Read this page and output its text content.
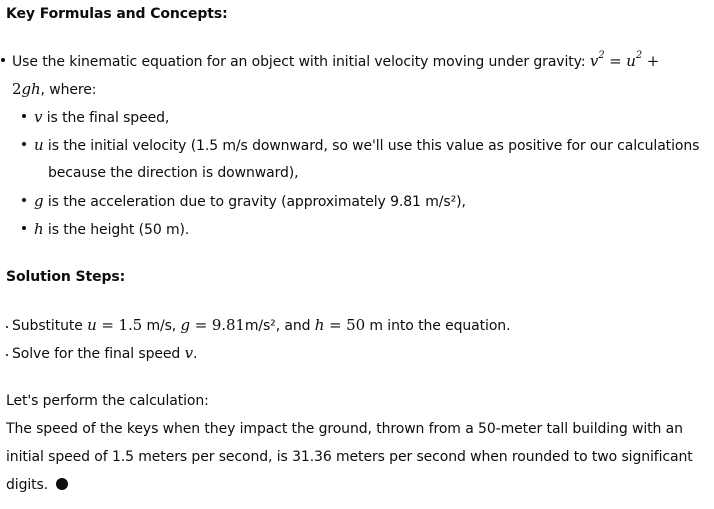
Key Formulas and Concepts:
Use the kinematic equation for an object with initial velocity moving under gravity: $v^2 = u^2$ +
2gh, where:
v is the final speed,
u is the initial velocity (1.5 m/s downward, so we'll use this value as positive for our calculations
because the direction is downward),
g is the acceleration due to gravity (approximately 9.81 m/s²),
h is the height (50 m).
Solution Steps:
Substitute u = 1.5 m/s, g = 9.81m/s², and h = 50 m into the equation.
Solve for the final speed v.
Let's perform the calculation:
The speed of the keys when they impact the ground, thrown from a 50-meter tall building with an
initial speed of 1.5 meters per second, is 31.36 meters per second when rounded to two significant
digits.
